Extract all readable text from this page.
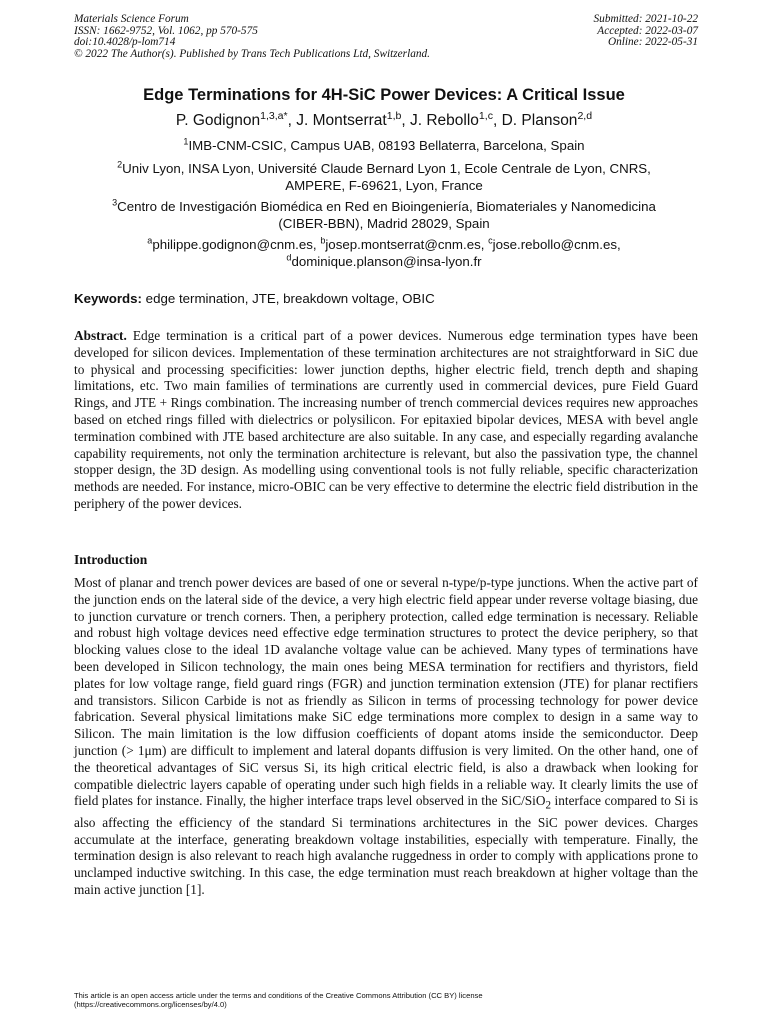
Materials Science Forum
ISSN: 1662-9752, Vol. 1062, pp 570-575
doi:10.4028/p-lom714
© 2022 The Author(s). Published by Trans Tech Publications Ltd, Switzerland.
Submitted: 2021-10-22
Accepted: 2022-03-07
Online: 2022-05-31
Edge Terminations for 4H-SiC Power Devices: A Critical Issue
P. Godignon$^{1,3,a*}$, J. Montserrat$^{1,b}$, J. Rebollo$^{1,c}$, D. Planson$^{2,d}$
$^1$IMB-CNM-CSIC, Campus UAB, 08193 Bellaterra, Barcelona, Spain
$^2$Univ Lyon, INSA Lyon, Université Claude Bernard Lyon 1, Ecole Centrale de Lyon, CNRS,
AMPERE, F-69621, Lyon, France
$^3$Centro de Investigación Biomédica en Red en Bioingeniería, Biomateriales y Nanomedicina
(CIBER-BBN), Madrid 28029, Spain
$^a$philippe.godignon@cnm.es, $^b$josep.montserrat@cnm.es, $^c$jose.rebollo@cnm.es,
$^d$dominique.planson@insa-lyon.fr
Keywords: edge termination, JTE, breakdown voltage, OBIC
Abstract. Edge termination is a critical part of a power devices. Numerous edge termination types have been developed for silicon devices. Implementation of these termination architectures are not straightforward in SiC due to physical and processing specificities: lower junction depths, higher electric field, trench depth and shaping limitations, etc. Two main families of terminations are currently used in commercial devices, pure Field Guard Rings, and JTE + Rings combination. The increasing number of trench commercial devices requires new approaches based on etched rings filled with dielectrics or polysilicon. For epitaxied bipolar devices, MESA with bevel angle termination combined with JTE based architecture are also suitable. In any case, and especially regarding avalanche capability requirements, not only the termination architecture is relevant, but also the passivation type, the channel stopper design, the 3D design. As modelling using conventional tools is not fully reliable, specific characterization methods are needed. For instance, micro-OBIC can be very effective to determine the electric field distribution in the periphery of the power devices.
Introduction
Most of planar and trench power devices are based of one or several n-type/p-type junctions. When the active part of the junction ends on the lateral side of the device, a very high electric field appear under reverse voltage biasing, due to junction curvature or trench corners. Then, a periphery protection, called edge termination is necessary. Reliable and robust high voltage devices need effective edge termination structures to protect the device periphery, so that blocking values close to the ideal 1D avalanche voltage value can be achieved. Many types of terminations have been developed in Silicon technology, the main ones being MESA termination for rectifiers and thyristors, field plates for low voltage range, field guard rings (FGR) and junction termination extension (JTE) for planar rectifiers and transistors. Silicon Carbide is not as friendly as Silicon in terms of processing technology for power device fabrication. Several physical limitations make SiC edge terminations more complex to design in a same way to Silicon. The main limitation is the low diffusion coefficients of dopant atoms inside the semiconductor. Deep junction (> 1μm) are difficult to implement and lateral dopants diffusion is very limited. On the other hand, one of the theoretical advantages of SiC versus Si, its high critical electric field, is also a drawback when looking for compatible dielectric layers capable of operating under such high fields in a reliable way. It clearly limits the use of field plates for instance. Finally, the higher interface traps level observed in the SiC/SiO$_2$ interface compared to Si is also affecting the efficiency of the standard Si terminations architectures in the SiC power devices. Charges accumulate at the interface, generating breakdown voltage instabilities, especially with temperature. Finally, the termination design is also relevant to reach high avalanche ruggedness in order to comply with applications prone to unclamped inductive switching. In this case, the edge termination must reach breakdown at higher voltage than the main active junction [1].
This article is an open access article under the terms and conditions of the Creative Commons Attribution (CC BY) license
(https://creativecommons.org/licenses/by/4.0)
